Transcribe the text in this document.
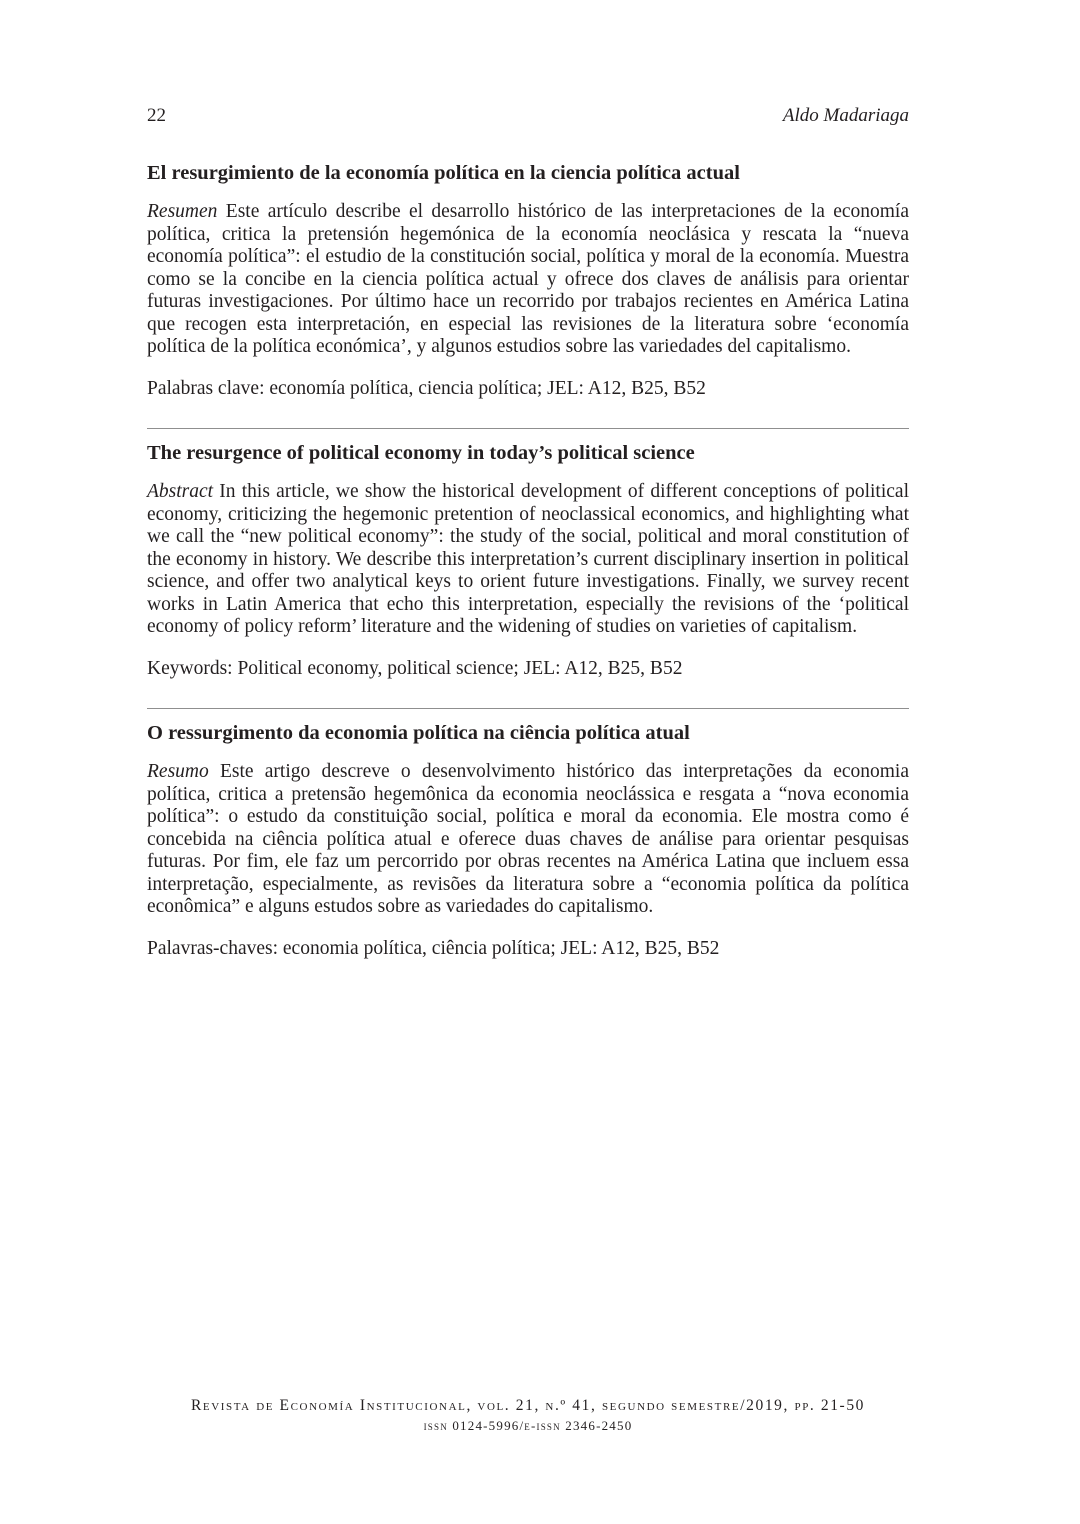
22	Aldo Madariaga
El resurgimiento de la economía política en la ciencia política actual

Resumen Este artículo describe el desarrollo histórico de las interpretaciones de la economía política, critica la pretensión hegemónica de la economía neoclásica y rescata la “nueva economía política”: el estudio de la constitución social, política y moral de la economía. Muestra como se la concibe en la ciencia política actual y ofrece dos claves de análisis para orientar futuras investigaciones. Por último hace un recorrido por trabajos recientes en América Latina que recogen esta interpretación, en especial las revisiones de la literatura sobre ‘economía política de la política económica’, y algunos estudios sobre las variedades del capitalismo.

Palabras clave: economía política, ciencia política; JEL: A12, B25, B52

The resurgence of political economy in today’s political science

Abstract In this article, we show the historical development of different conceptions of political economy, criticizing the hegemonic pretention of neoclassical economics, and highlighting what we call the “new political economy”: the study of the social, political and moral constitution of the economy in history. We describe this interpretation’s current disciplinary insertion in political science, and offer two analytical keys to orient future investigations. Finally, we survey recent works in Latin America that echo this interpretation, especially the revisions of the ‘political economy of policy reform’ literature and the widening of studies on varieties of capitalism.

Keywords: Political economy, political science; JEL: A12, B25, B52

O ressurgimento da economia política na ciência política atual

Resumo Este artigo descreve o desenvolvimento histórico das interpretações da economia política, critica a pretensão hegemônica da economia neoclássica e resgata a “nova economia política”: o estudo da constituição social, política e moral da economia. Ele mostra como é concebida na ciência política atual e oferece duas chaves de análise para orientar pesquisas futuras. Por fim, ele faz um percorrido por obras recentes na América Latina que incluem essa interpretação, especialmente, as revisões da literatura sobre a “economia política da política econômica” e alguns estudos sobre as variedades do capitalismo.

Palavras-chaves: economia política, ciência política; JEL: A12, B25, B52

Revista de Economía Institucional, vol. 21, n.º 41, segundo semestre/2019, pp. 21-50
issn 0124-5996/e-issn 2346-2450
